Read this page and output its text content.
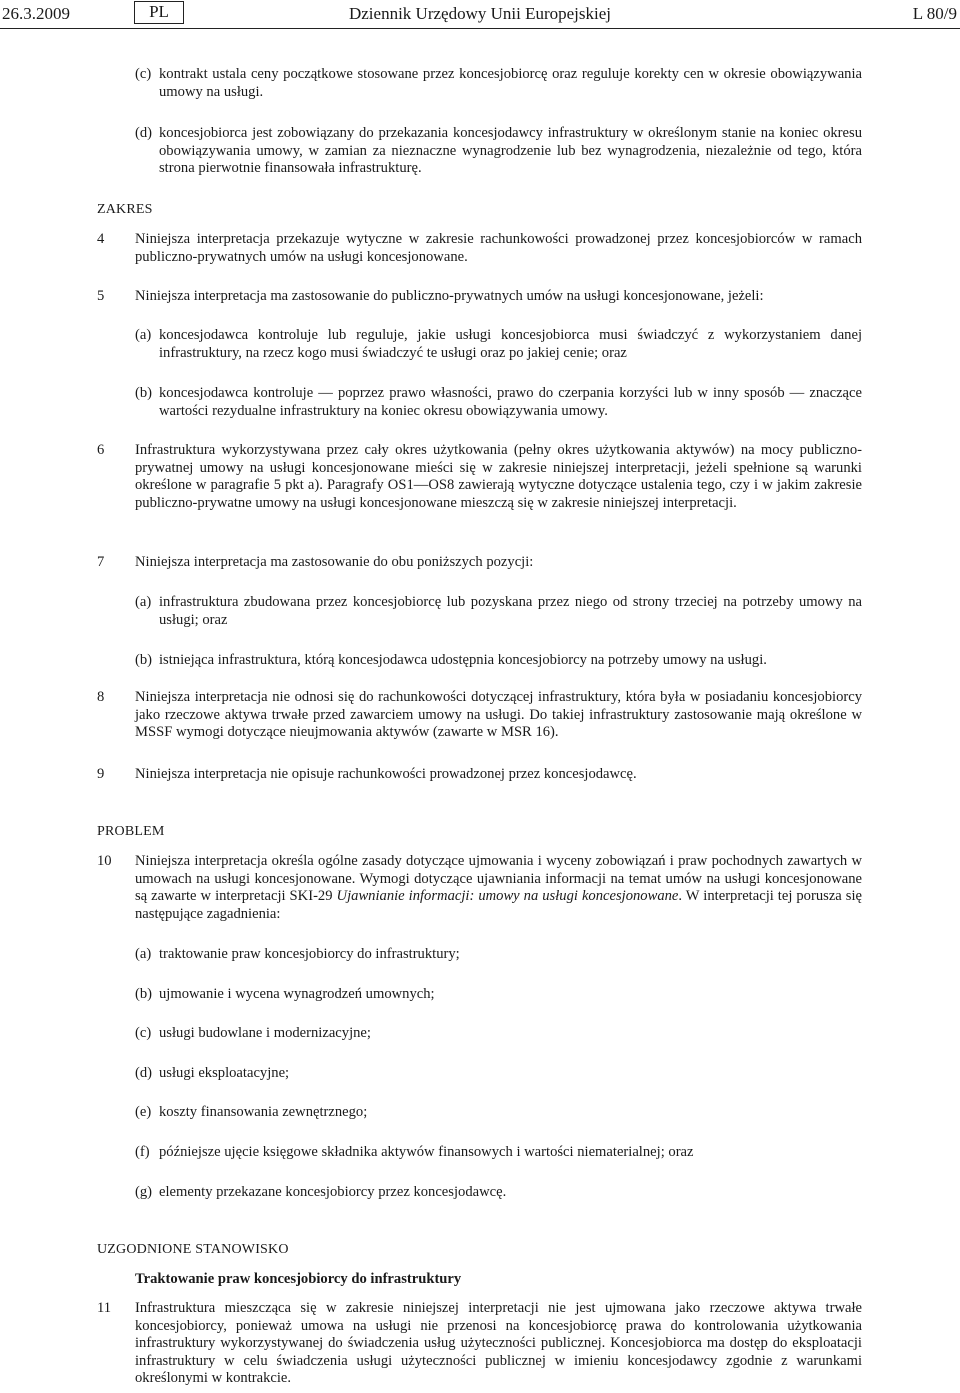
26.3.2009	PL	Dziennik Urzędowy Unii Europejskiej	L 80/9
(c) kontrakt ustala ceny początkowe stosowane przez koncesjobiorcę oraz reguluje korekty cen w okresie obowiązywania umowy na usługi.

(d) koncesjobiorca jest zobowiązany do przekazania koncesjodawcy infrastruktury w określonym stanie na koniec okresu obowiązywania umowy, w zamian za nieznaczne wynagrodzenie lub bez wynagrodzenia, niezależnie od tego, która strona pierwotnie finansowała infrastrukturę.

ZAKRES
4 Niniejsza interpretacja przekazuje wytyczne w zakresie rachunkowości prowadzonej przez koncesjobiorców w ramach publiczno-prywatnych umów na usługi koncesjonowane.

5 Niniejsza interpretacja ma zastosowanie do publiczno-prywatnych umów na usługi koncesjonowane, jeżeli:

(a) koncesjodawca kontroluje lub reguluje, jakie usługi koncesjobiorca musi świadczyć z wykorzystaniem danej infrastruktury, na rzecz kogo musi świadczyć te usługi oraz po jakiej cenie; oraz

(b) koncesjodawca kontroluje — poprzez prawo własności, prawo do czerpania korzyści lub w inny sposób — znaczące wartości rezydualne infrastruktury na koniec okresu obowiązywania umowy.

6 Infrastruktura wykorzystywana przez cały okres użytkowania (pełny okres użytkowania aktywów) na mocy publiczno-prywatnej umowy na usługi koncesjonowane mieści się w zakresie niniejszej interpretacji, jeżeli spełnione są warunki określone w paragrafie 5 pkt a). Paragrafy OS1—OS8 zawierają wytyczne dotyczące ustalenia tego, czy i w jakim zakresie publiczno-prywatne umowy na usługi koncesjonowane mieszczą się w zakresie niniejszej interpretacji.

7 Niniejsza interpretacja ma zastosowanie do obu poniższych pozycji:

(a) infrastruktura zbudowana przez koncesjobiorcę lub pozyskana przez niego od strony trzeciej na potrzeby umowy na usługi; oraz

(b) istniejąca infrastruktura, którą koncesjodawca udostępnia koncesjobiorcy na potrzeby umowy na usługi.

8 Niniejsza interpretacja nie odnosi się do rachunkowości dotyczącej infrastruktury, która była w posiadaniu koncesjobiorcy jako rzeczowe aktywa trwałe przed zawarciem umowy na usługi. Do takiej infrastruktury zastosowanie mają określone w MSSF wymogi dotyczące nieujmowania aktywów (zawarte w MSR 16).

9 Niniejsza interpretacja nie opisuje rachunkowości prowadzonej przez koncesjodawcę.

PROBLEM
10 Niniejsza interpretacja określa ogólne zasady dotyczące ujmowania i wyceny zobowiązań i praw pochodnych zawartych w umowach na usługi koncesjonowane. Wymogi dotyczące ujawniania informacji na temat umów na usługi koncesjonowane są zawarte w interpretacji SKI-29 Ujawnianie informacji: umowy na usługi koncesjonowane. W interpretacji tej porusza się następujące zagadnienia:

(a) traktowanie praw koncesjobiorcy do infrastruktury;

(b) ujmowanie i wycena wynagrodzeń umownych;

(c) usługi budowlane i modernizacyjne;

(d) usługi eksploatacyjne;

(e) koszty finansowania zewnętrznego;

(f) późniejsze ujęcie księgowe składnika aktywów finansowych i wartości niematerialnej; oraz

(g) elementy przekazane koncesjobiorcy przez koncesjodawcę.

UZGODNIONE STANOWISKO
Traktowanie praw koncesjobiorcy do infrastruktury
11 Infrastruktura mieszcząca się w zakresie niniejszej interpretacji nie jest ujmowana jako rzeczowe aktywa trwałe koncesjobiorcy, ponieważ umowa na usługi nie przenosi na koncesjobiorcę prawa do kontrolowania użytkowania infrastruktury wykorzystywanej do świadczenia usług użyteczności publicznej. Koncesjobiorca ma dostęp do eksploatacji infrastruktury w celu świadczenia usługi użyteczności publicznej w imieniu koncesjodawcy zgodnie z warunkami określonymi w kontrakcie.
